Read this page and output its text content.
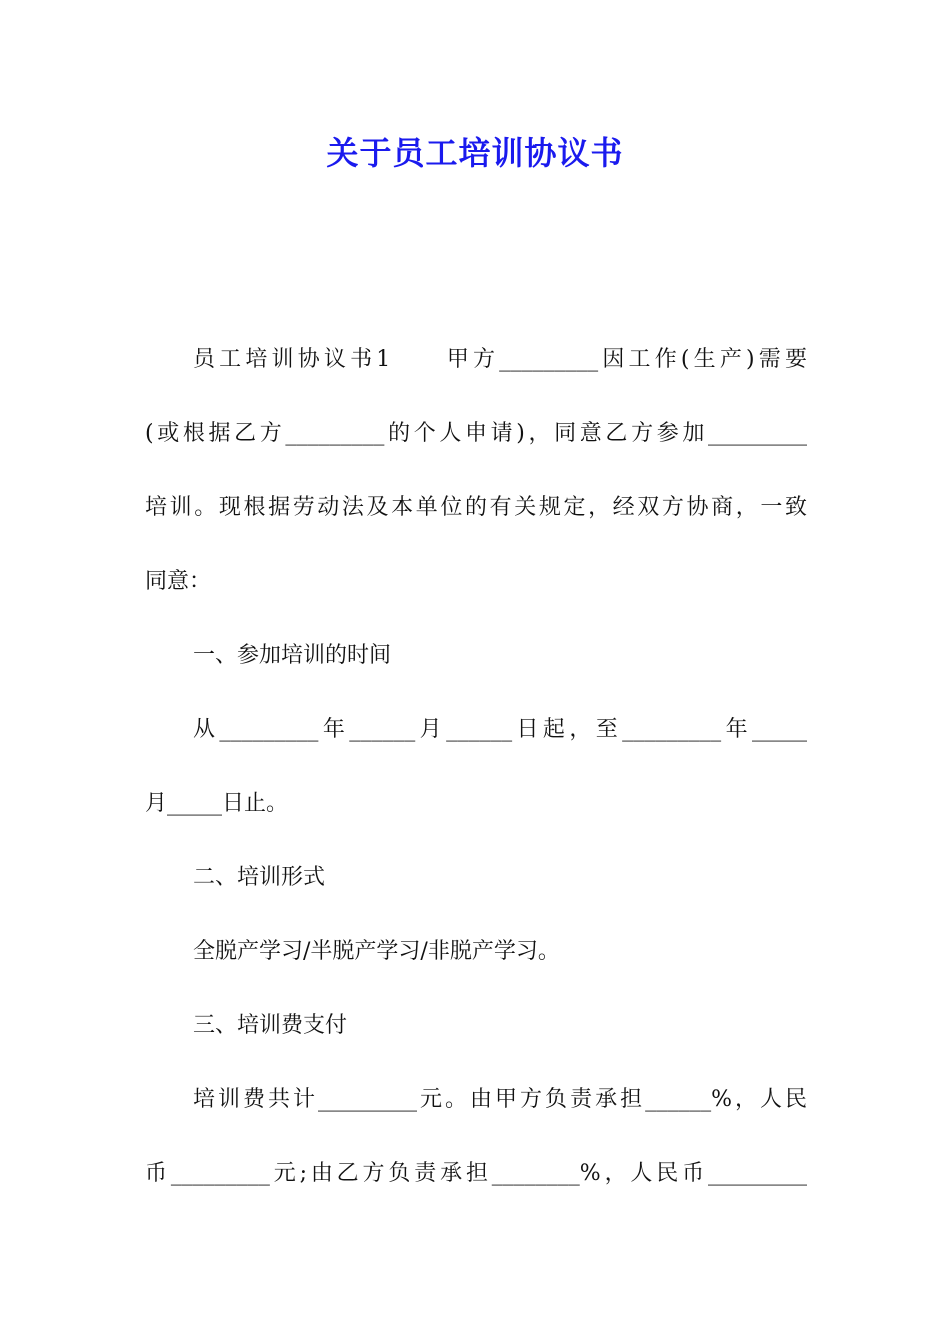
关于员工培训协议书
员工培训协议书1　　甲方_________因工作(生产)需要
(或根据乙方_________的个人申请)，同意乙方参加_________
培训。现根据劳动法及本单位的有关规定，经双方协商，一致
同意：
一、参加培训的时间
从_________年______月______日起，至_________年_____
月_____日止。
二、培训形式
全脱产学习/半脱产学习/非脱产学习。
三、培训费支付
培训费共计_________元。由甲方负责承担______%，人民
币_________元;由乙方负责承担________%，人民币_________
